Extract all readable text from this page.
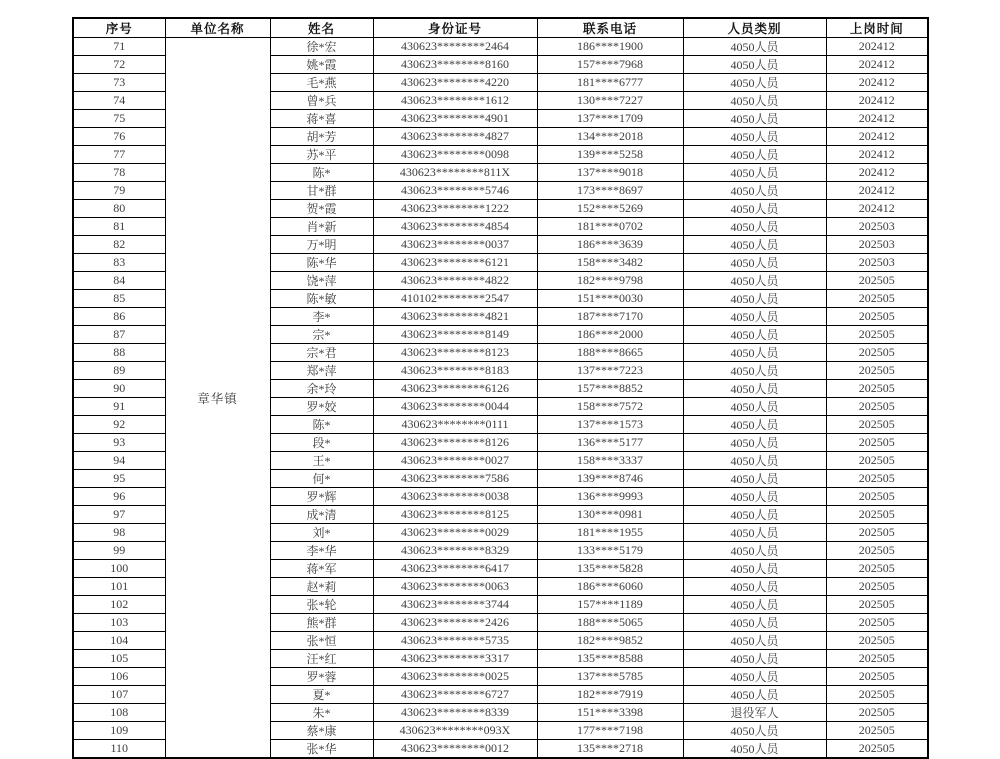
序号	单位名称	姓名	身份证号	联系电话	人员类别	上岗时间
71	章华镇	徐*宏	430623********2464	186****1900	4050人员	202412
72		姚*霞	430623********8160	157****7968	4050人员	202412
73		毛*燕	430623********4220	181****6777	4050人员	202412
74		曾*兵	430623********1612	130****7227	4050人员	202412
75		蒋*喜	430623********4901	137****1709	4050人员	202412
76		胡*芳	430623********4827	134****2018	4050人员	202412
77		苏*平	430623********0098	139****5258	4050人员	202412
78		陈*	430623********811X	137****9018	4050人员	202412
79		甘*群	430623********5746	173****8697	4050人员	202412
80		贺*霞	430623********1222	152****5269	4050人员	202412
81		肖*新	430623********4854	181****0702	4050人员	202503
82		万*明	430623********0037	186****3639	4050人员	202503
83		陈*华	430623********6121	158****3482	4050人员	202503
84		饶*萍	430623********4822	182****9798	4050人员	202505
85		陈*敏	410102********2547	151****0030	4050人员	202505
86		李*	430623********4821	187****7170	4050人员	202505
87		宗*	430623********8149	186****2000	4050人员	202505
88		宗*君	430623********8123	188****8665	4050人员	202505
89		郑*萍	430623********8183	137****7223	4050人员	202505
90		余*玲	430623********6126	157****8852	4050人员	202505
91		罗*姣	430623********0044	158****7572	4050人员	202505
92		陈*	430623********0111	137****1573	4050人员	202505
93		段*	430623********8126	136****5177	4050人员	202505
94		王*	430623********0027	158****3337	4050人员	202505
95		何*	430623********7586	139****8746	4050人员	202505
96		罗*辉	430623********0038	136****9993	4050人员	202505
97		成*清	430623********8125	130****0981	4050人员	202505
98		刘*	430623********0029	181****1955	4050人员	202505
99		李*华	430623********8329	133****5179	4050人员	202505
100		蒋*军	430623********6417	135****5828	4050人员	202505
101		赵*莉	430623********0063	186****6060	4050人员	202505
102		张*轮	430623********3744	157****1189	4050人员	202505
103		熊*群	430623********2426	188****5065	4050人员	202505
104		张*恒	430623********5735	182****9852	4050人员	202505
105		汪*红	430623********3317	135****8588	4050人员	202505
106		罗*蓉	430623********0025	137****5785	4050人员	202505
107		夏*	430623********6727	182****7919	4050人员	202505
108		朱*	430623********8339	151****3398	退役军人	202505
109		蔡*康	430623********093X	177****7198	4050人员	202505
110		张*华	430623********0012	135****2718	4050人员	202505
